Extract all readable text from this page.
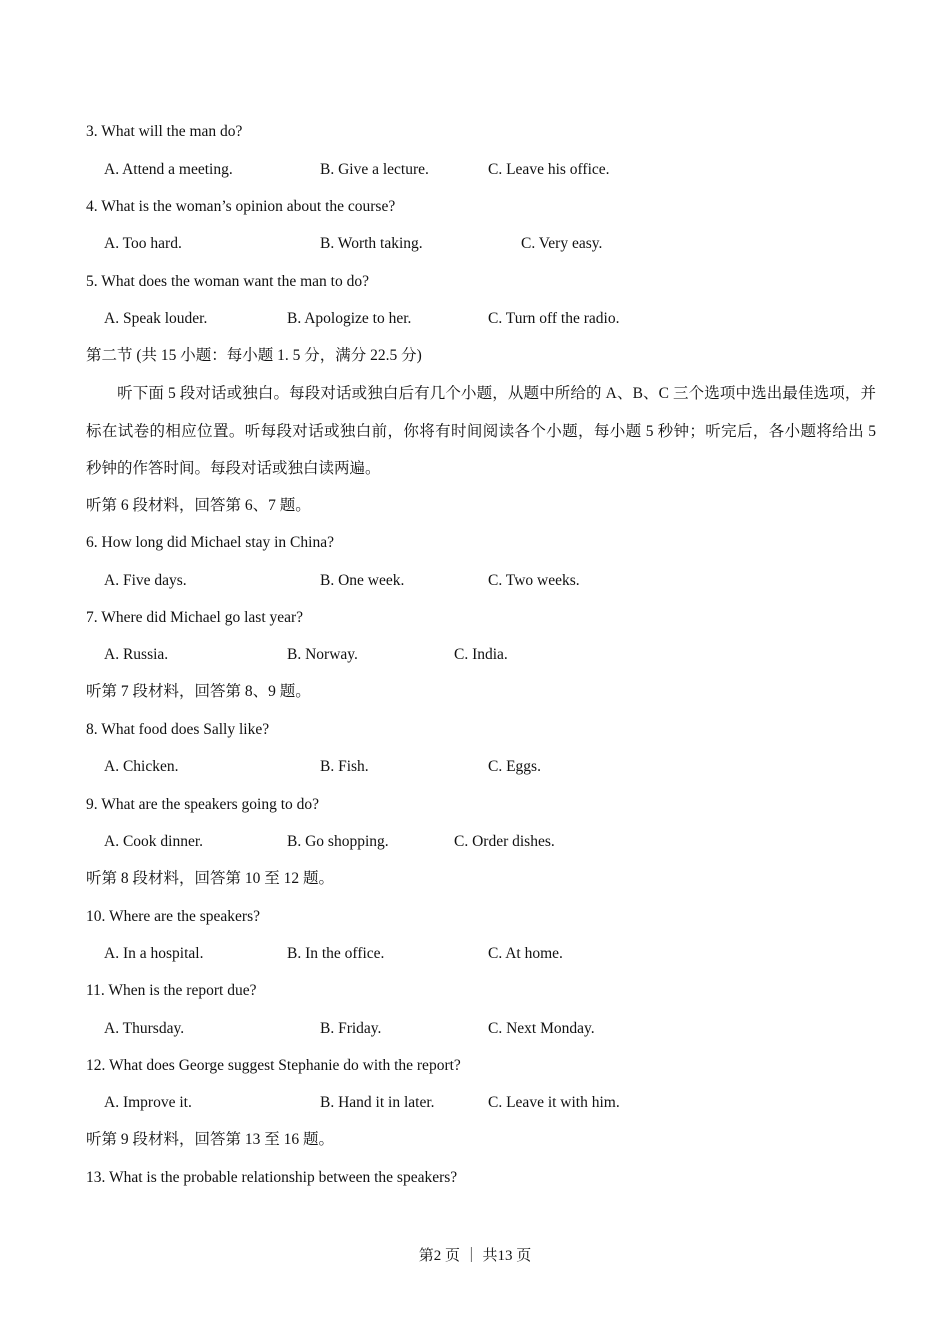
3. What will the man do?
A. Attend a meeting.	B. Give a lecture.	C. Leave his office.
4. What is the woman’s opinion about the course?
A. Too hard.	B. Worth taking.	C. Very easy.
5. What does the woman want the man to do?
A. Speak louder.	B. Apologize to her.	C. Turn off the radio.
第二节 (共 15 小题：每小题 1. 5 分，满分 22.5 分)
听下面 5 段对话或独白。每段对话或独白后有几个小题，从题中所给的 A、B、C 三个选项中选出最佳选项，并标在试卷的相应位置。听每段对话或独白前，你将有时间阅读各个小题，每小题 5 秒钟；听完后，各小题将给出 5 秒钟的作答时间。每段对话或独白读两遍。
听第 6 段材料，回答第 6、7 题。
6. How long did Michael stay in China?
A. Five days.	B. One week.	C. Two weeks.
7. Where did Michael go last year?
A. Russia.	B. Norway.	C. India.
听第 7 段材料，回答第 8、9 题。
8. What food does Sally like?
A. Chicken.	B. Fish.	C. Eggs.
9. What are the speakers going to do?
A. Cook dinner.	B. Go shopping.	C. Order dishes.
听第 8 段材料，回答第 10 至 12 题。
10. Where are the speakers?
A. In a hospital.	B. In the office.	C. At home.
11. When is the report due?
A. Thursday.	B. Friday.	C. Next Monday.
12. What does George suggest Stephanie do with the report?
A. Improve it.	B. Hand it in later.	C. Leave it with him.
听第 9 段材料，回答第 13 至 16 题。
13. What is the probable relationship between the speakers?
第2 页 ｜ 共13 页
